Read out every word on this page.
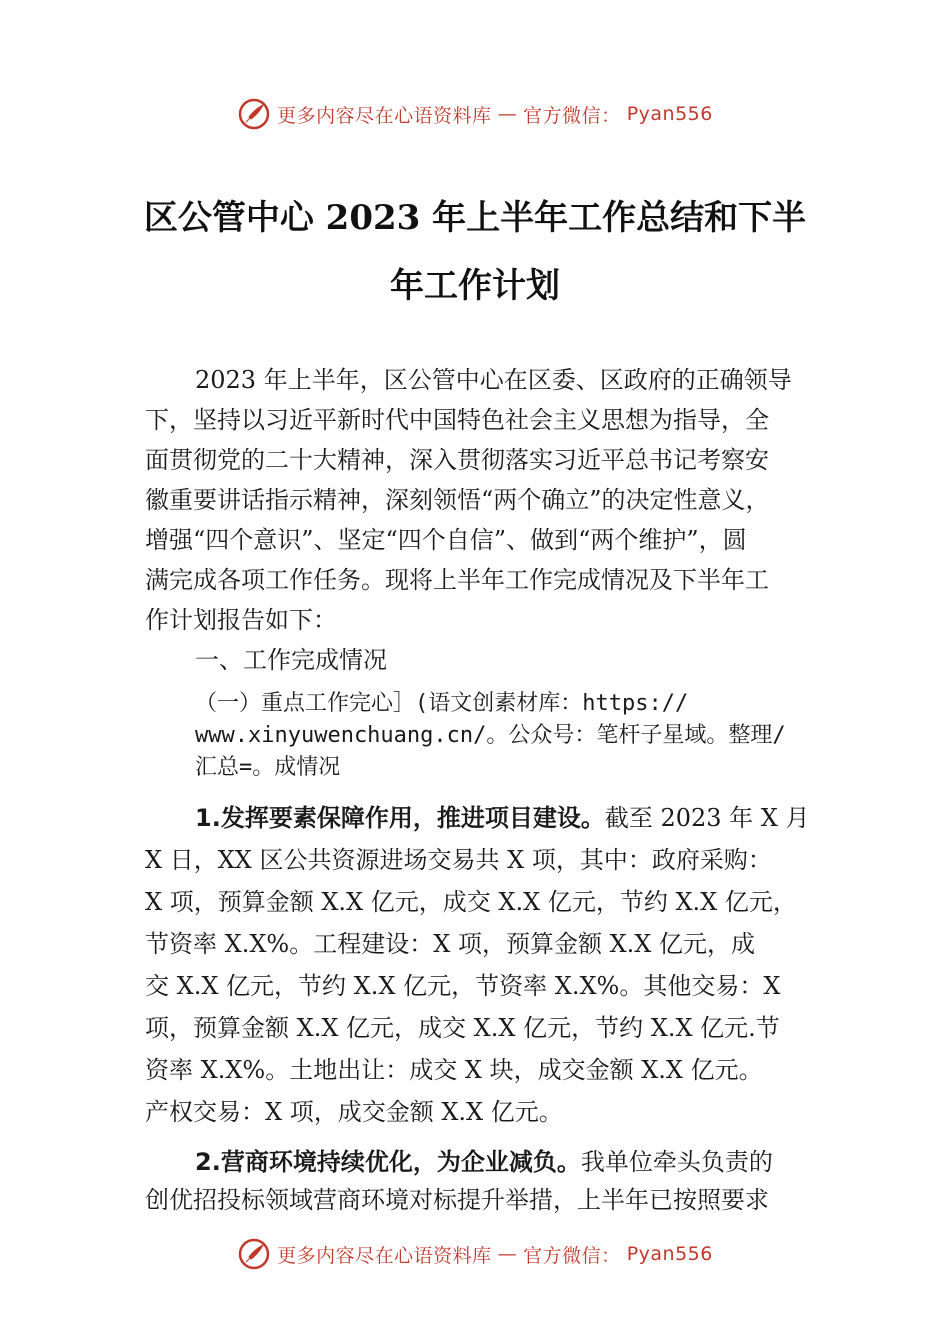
更多内容尽在心语资料库 — 官方微信： Pyan556
区公管中心 2023 年上半年工作总结和下半
年工作计划
2023 年上半年，区公管中心在区委、区政府的正确领导
下，坚持以习近平新时代中国特色社会主义思想为指导，全
面贯彻党的二十大精神，深入贯彻落实习近平总书记考察安
徽重要讲话指示精神，深刻领悟“两个确立”的决定性意义，
增强“四个意识”、坚定“四个自信”、做到“两个维护”，圆
满完成各项工作任务。现将上半年工作完成情况及下半年工
作计划报告如下：
一、工作完成情况
（一）重点工作完心］(语文创素材库：https://
www.xinyuwenchuang.cn/。公众号：笔杆子星域。整理/
汇总=。成情况
1.发挥要素保障作用，推进项目建设。截至 2023 年 X 月
X 日，XX 区公共资源进场交易共 X 项，其中：政府采购：
X 项，预算金额 X.X 亿元，成交 X.X 亿元，节约 X.X 亿元，
节资率 X.X%。工程建设：X 项，预算金额 X.X 亿元，成
交 X.X 亿元，节约 X.X 亿元，节资率 X.X%。其他交易：X
项，预算金额 X.X 亿元，成交 X.X 亿元，节约 X.X 亿元.节
资率 X.X%。土地出让：成交 X 块，成交金额 X.X 亿元。
产权交易：X 项，成交金额 X.X 亿元。
2.营商环境持续优化，为企业减负。我单位牵头负责的
创优招投标领域营商环境对标提升举措，上半年已按照要求
更多内容尽在心语资料库 — 官方微信： Pyan556
